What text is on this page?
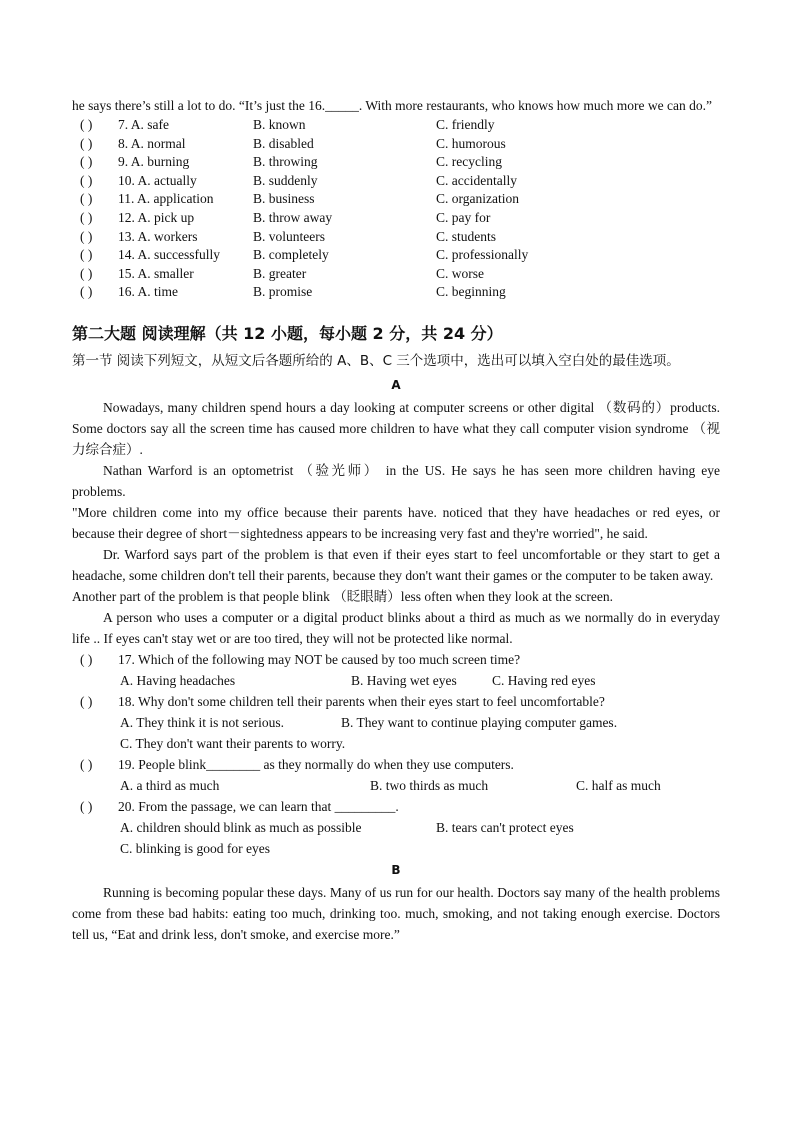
he says there’s still a lot to do. “It’s just the 16._____. With more restaurants, who knows how much more we can do.”

( ) 7. A. safe	B. known	C. friendly
( ) 8. A. normal	B. disabled	C. humorous
( ) 9. A. burning	B. throwing	C. recycling
( ) 10. A. actually	B. suddenly	C. accidentally
( ) 11. A. application	B. business	C. organization
( ) 12. A. pick up	B. throw away	C. pay for
( ) 13. A. workers	B. volunteers	C. students
( ) 14. A. successfully B. completely	C. professionally
( ) 15. A. smaller	B. greater	C. worse
( ) 16. A. time	B. promise	C. beginning
第二大题 阅读理解（共 12 小题，每小题 2 分，共 24 分）

第一节 阅读下列短文，从短文后各题所给的 A、B、C 三个选项中，选出可以填入空白处的最佳选项。

A

Nowadays, many children spend hours a day looking at computer screens or other digital （数码的）products. Some doctors say all the screen time has caused more children to have what they call computer vision syndrome （视力综合症）.

Nathan Warford is an optometrist （验光师） in the US. He says he has seen more children having eye problems.

"More children come into my office because their parents have. noticed that they have headaches or red eyes, or because their degree of short－sightedness appears to be increasing very fast and they're worried", he said.

Dr. Warford says part of the problem is that even if their eyes start to feel uncomfortable or they start to get a headache, some children don't tell their parents, because they don't want their games or the computer to be taken away.

Another part of the problem is that people blink （眨眼睛）less often when they look at the screen.

A person who uses a computer or a digital product blinks about a third as much as we normally do in everyday life .. If eyes can't stay wet or are too tired, they will not be protected like normal.

( ) 17. Which of the following may NOT be caused by too much screen time?
A. Having headaches	B. Having wet eyes	C. Having red eyes
( ) 18. Why don't some children tell their parents when their eyes start to feel uncomfortable?
A. They think it is not serious.	B. They want to continue playing computer games.
C. They don't want their parents to worry.
( ) 19. People blink________ as they normally do when they use computers.
A. a third as much	B. two thirds as much	C. half as much
( ) 20. From the passage, we can learn that _________.
A. children should blink as much as possible	B. tears can't protect eyes
C. blinking is good for eyes
B

Running is becoming popular these days. Many of us run for our health. Doctors say many of the health problems come from these bad habits: eating too much, drinking too. much, smoking, and not taking enough exercise. Doctors tell us, “Eat and drink less, don't smoke, and exercise more.”
